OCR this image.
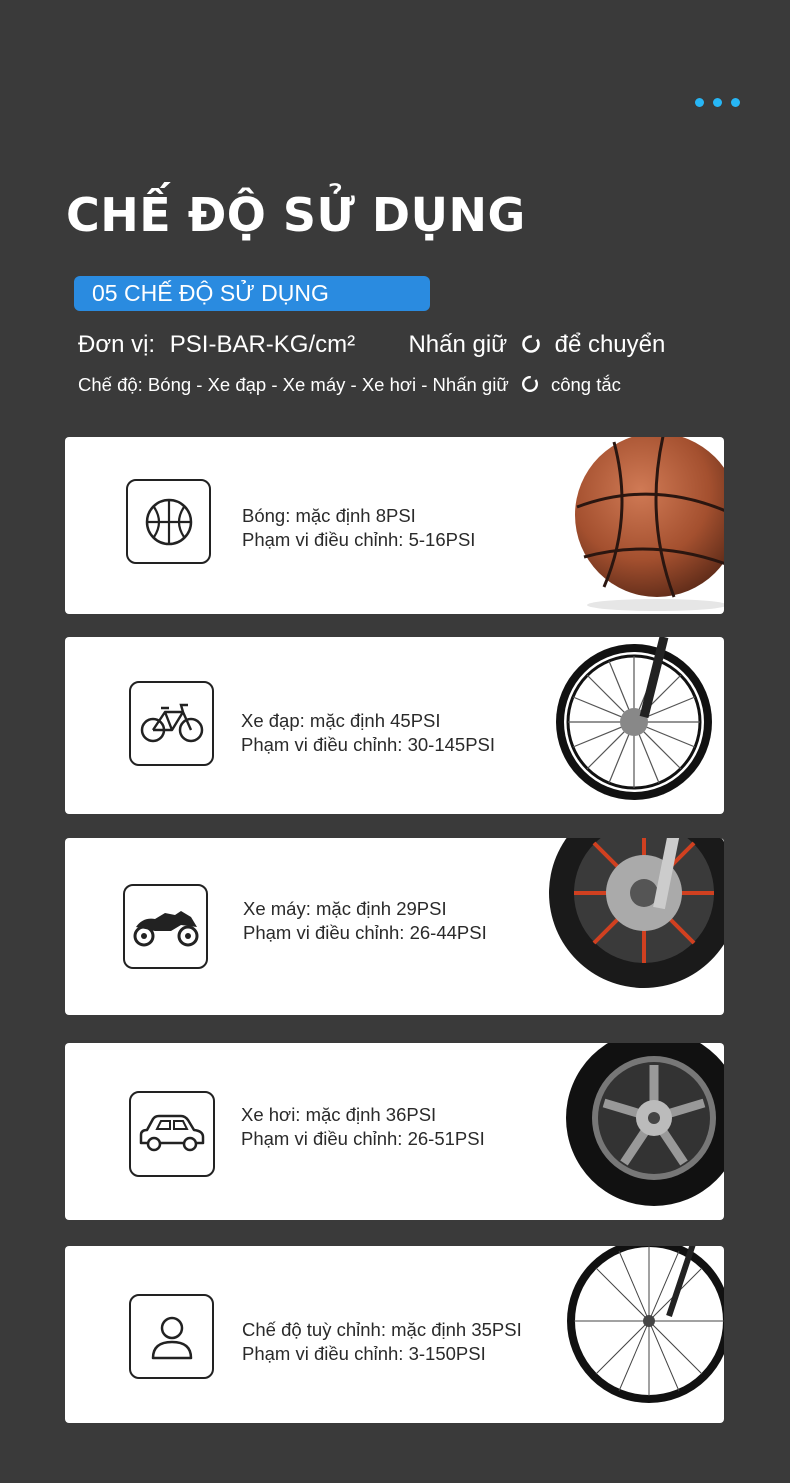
CHẾ ĐỘ SỬ DỤNG
05 CHẾ ĐỘ SỬ DỤNG
Đơn vị: PSI-BAR-KG/cm² Nhấn giữ để chuyển
Chế độ: Bóng - Xe đạp - Xe máy - Xe hơi - Nhấn giữ công tắc
Bóng: mặc định 8PSI
Phạm vi điều chỉnh: 5-16PSI
Xe đạp: mặc định 45PSI
Phạm vi điều chỉnh: 30-145PSI
Xe máy: mặc định 29PSI
Phạm vi điều chỉnh: 26-44PSI
Xe hơi: mặc định 36PSI
Phạm vi điều chỉnh: 26-51PSI
Chế độ tuỳ chỉnh: mặc định 35PSI
Phạm vi điều chỉnh: 3-150PSI
